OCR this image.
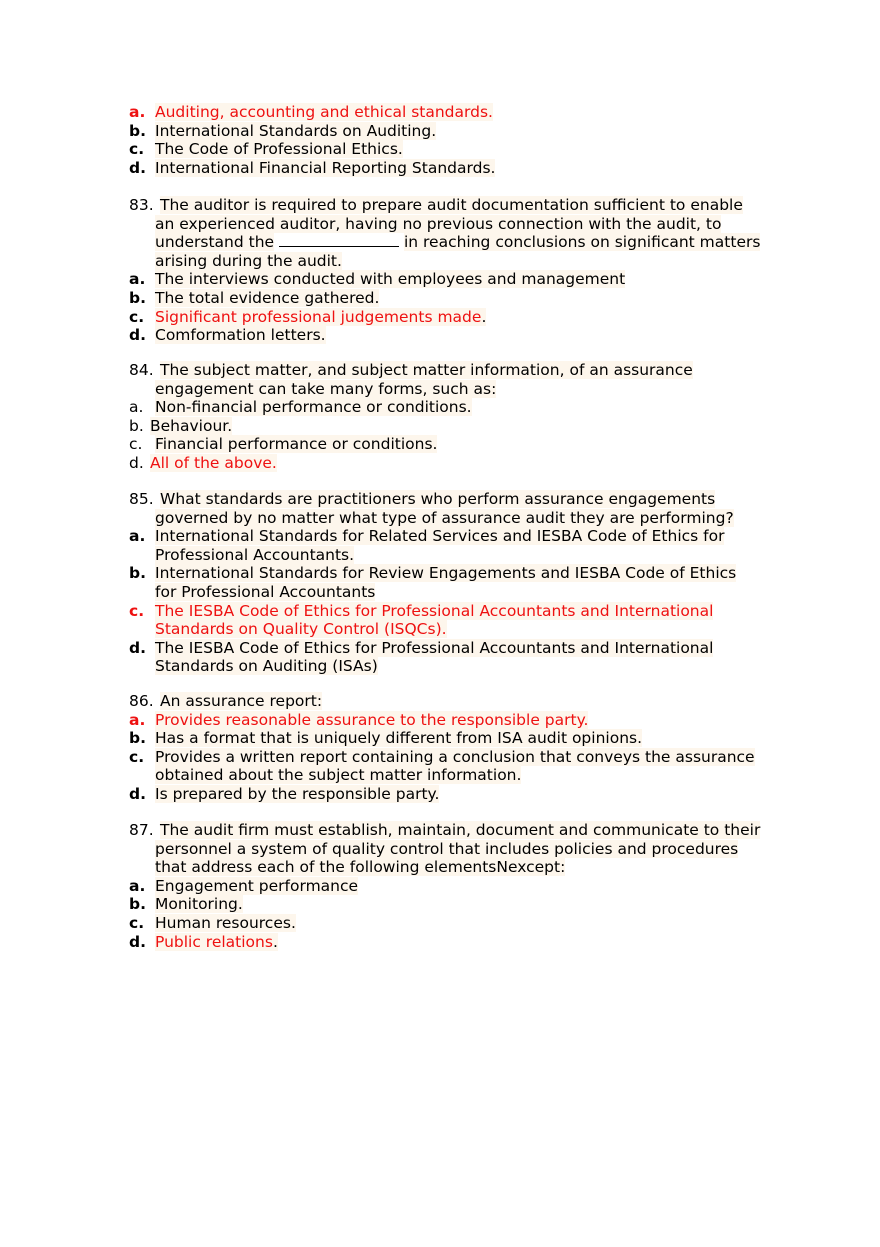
a. Auditing, accounting and ethical standards.
b. International Standards on Auditing.
c. The Code of Professional Ethics.
d. International Financial Reporting Standards.
83. The auditor is required to prepare audit documentation sufficient to enable
an experienced auditor, having no previous connection with the audit, to
understand the	in reaching conclusions on significant matters
arising during the audit.
a. The interviews conducted with employees and management
b. The total evidence gathered.
c. Significant professional judgements made.
d. Comformation letters.
84. The subject matter, and subject matter information, of an assurance
engagement can take many forms, such as:
a. Non-financial performance or conditions.
b. Behaviour.
c. Financial performance or conditions.
d. All of the above.
85. What standards are practitioners who perform assurance engagements
governed by no matter what type of assurance audit they are performing?
a. International Standards for Related Services and IESBA Code of Ethics for
Professional Accountants.
b. International Standards for Review Engagements and IESBA Code of Ethics
for Professional Accountants
c. The IESBA Code of Ethics for Professional Accountants and International
Standards on Quality Control (ISQCs).
d. The IESBA Code of Ethics for Professional Accountants and International
Standards on Auditing (ISAs)
86. An assurance report:
a. Provides reasonable assurance to the responsible party.
b. Has a format that is uniquely different from ISA audit opinions.
c. Provides a written report containing a conclusion that conveys the assurance
obtained about the subject matter information.
d. Is prepared by the responsible party.
87. The audit firm must establish, maintain, document and communicate to their
personnel a system of quality control that includes policies and procedures
that address each of the following elementsNexcept:
a. Engagement performance
b. Monitoring.
c. Human resources.
d. Public relations.
